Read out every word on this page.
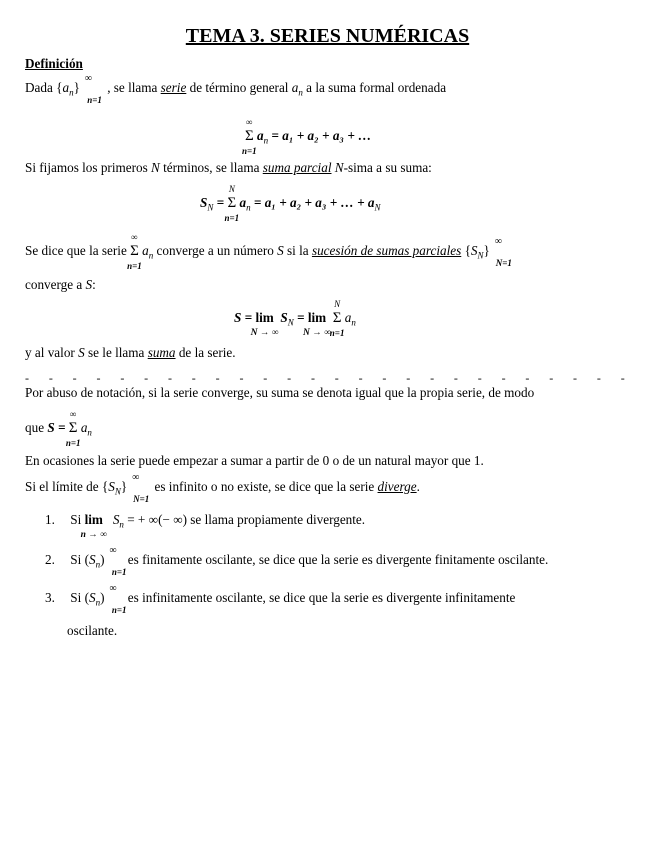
TEMA 3. SERIES NUMÉRICAS
Definición
Dada $\{a_n\}$
∞
n=1
, se llama serie de término general $a_n$ a la suma formal ordenada
Σ
∞
n=1
$a_n = a_1 + a_2 + a_3$ + …
Si fijamos los primeros N términos, se llama suma parcial N-sima a su suma:
$S_N = \Sigma$
N
n=1
$a_n = a_1 + a_2 + a_3$ + … + $a_N$
Se dice que la serie Σ
∞
n=1
$a_n$ converge a un número S si la sucesión de sumas parciales $\{S_N\}$
∞
N=1
converge a S:
S = lim
N → ∞
$S_N = \lim$
N → ∞
Σ
N
n=1
$a_n$
y al valor S se le llama suma de la serie.
- - - - - - - - - - - - - - - - - - - - - - - - - -
Por abuso de notación, si la serie converge, su suma se denota igual que la propia serie, de modo
que S = Σ
∞
n=1
$a_n$
En ocasiones la serie puede empezar a sumar a partir de 0 o de un natural mayor que 1.
Si el límite de $\{S_N\}$
∞
N=1
es infinito o no existe, se dice que la serie diverge.
1. Si lim
n → ∞
$S_n$ = + ∞(− ∞) se llama propiamente divergente.
2. Si $(S_n)$
∞
n=1
es finitamente oscilante, se dice que la serie es divergente finitamente oscilante.
3. Si $(S_n)$
∞
n=1
es infinitamente oscilante, se dice que la serie es divergente infinitamente
oscilante.
